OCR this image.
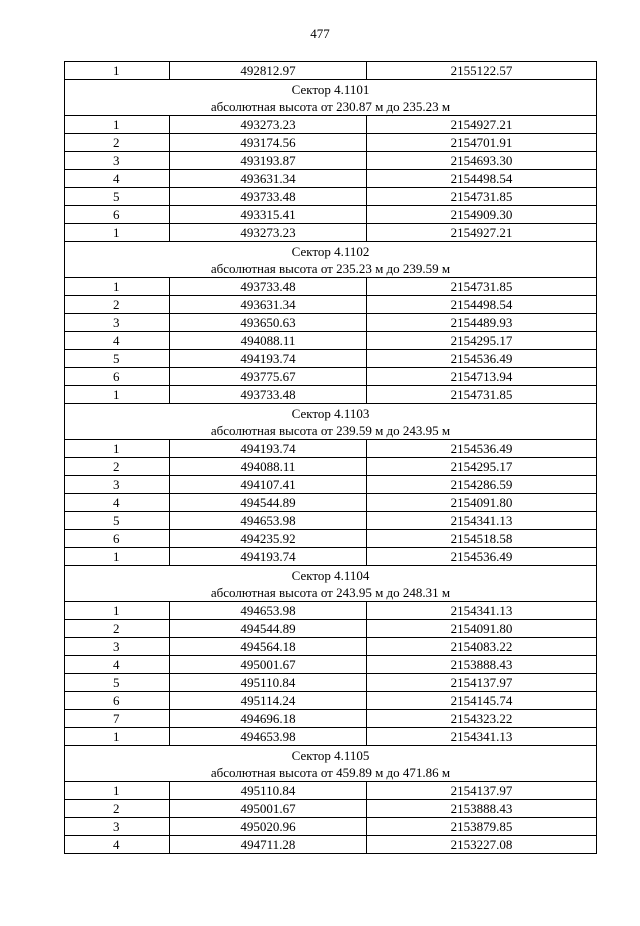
477
1	492812.97	2155122.57

Сектор 4.1101
абсолютная высота от 230.87 м до 235.23 м		

1	493273.23	2154927.21
2	493174.56	2154701.91
3	493193.87	2154693.30
4	493631.34	2154498.54
5	493733.48	2154731.85
6	493315.41	2154909.30
1	493273.23	2154927.21

Сектор 4.1102
абсолютная высота от 235.23 м до 239.59 м		

1	493733.48	2154731.85
2	493631.34	2154498.54
3	493650.63	2154489.93
4	494088.11	2154295.17
5	494193.74	2154536.49
6	493775.67	2154713.94
1	493733.48	2154731.85

Сектор 4.1103
абсолютная высота от 239.59 м до 243.95 м		

1	494193.74	2154536.49
2	494088.11	2154295.17
3	494107.41	2154286.59
4	494544.89	2154091.80
5	494653.98	2154341.13
6	494235.92	2154518.58
1	494193.74	2154536.49

Сектор 4.1104
абсолютная высота от 243.95 м до 248.31 м		

1	494653.98	2154341.13
2	494544.89	2154091.80
3	494564.18	2154083.22
4	495001.67	2153888.43
5	495110.84	2154137.97
6	495114.24	2154145.74
7	494696.18	2154323.22
1	494653.98	2154341.13

Сектор 4.1105
абсолютная высота от 459.89 м до 471.86 м		

1	495110.84	2154137.97
2	495001.67	2153888.43
3	495020.96	2153879.85
4	494711.28	2153227.08
